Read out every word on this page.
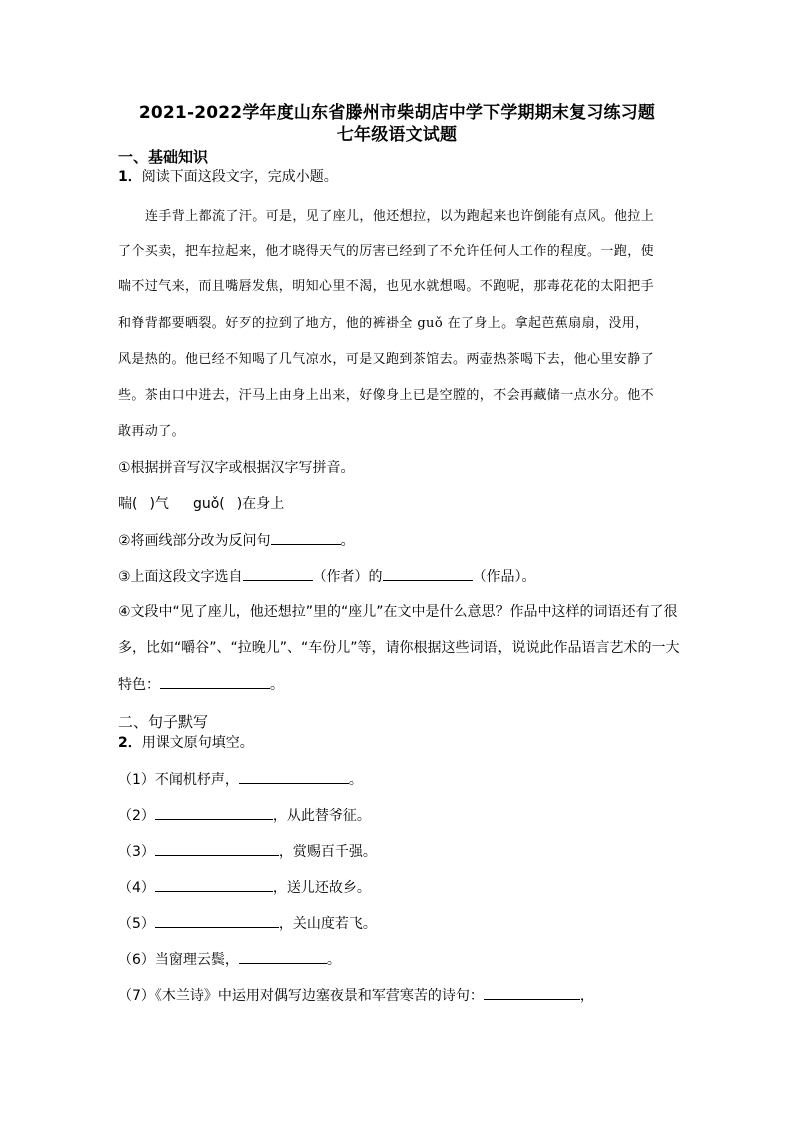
2021-2022学年度山东省滕州市柴胡店中学下学期期末复习练习题
七年级语文试题
一、基础知识
1．阅读下面这段文字，完成小题。
连手背上都流了汗。可是，见了座儿，他还想拉，以为跑起来也许倒能有点风。他拉上
了个买卖，把车拉起来，他才晓得天气的厉害已经到了不允许任何人工作的程度。一跑，使
喘不过气来，而且嘴唇发焦，明知心里不渴，也见水就想喝。不跑呢，那毒花花的太阳把手
和脊背都要晒裂。好歹的拉到了地方，他的裤褂全 guǒ 在了身上。拿起芭蕉扇扇，没用，
风是热的。他已经不知喝了几气凉水，可是又跑到茶馆去。两壶热茶喝下去，他心里安静了
些。茶由口中进去，汗马上由身上出来，好像身上已是空膛的，不会再藏储一点水分。他不
敢再动了。
①根据拼音写汉字或根据汉字写拼音。
喘( )气 guǒ( )在身上
②将画线部分改为反问句	。
③上面这段文字选自	（作者）的	（作品）。
④文段中“见了座儿，他还想拉”里的“座儿”在文中是什么意思？作品中这样的词语还有了很
多，比如“嚼谷”、“拉晚儿”、“车份儿”等，请你根据这些词语，说说此作品语言艺术的一大
特色：	。
二、句子默写
2．用课文原句填空。
（1）不闻机杼声，	。
（2）	，从此替爷征。
（3）	，赏赐百千强。
（4）	，送儿还故乡。
（5）	，关山度若飞。
（6）当窗理云鬓，	。
（7）《木兰诗》中运用对偶写边塞夜景和军营寒苦的诗句：	，
